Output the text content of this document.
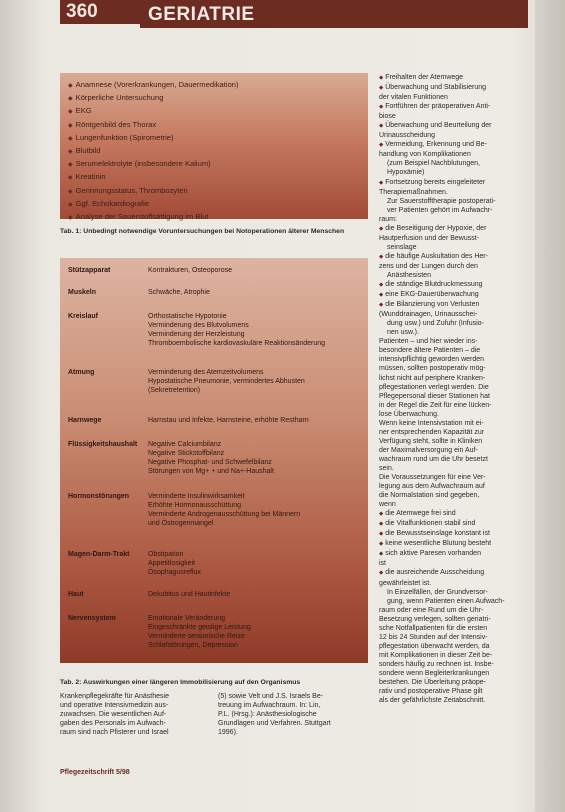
360	GERIATRIE
◆ Anamnese (Vorerkrankungen, Dauermedikation)
◆ Körperliche Untersuchung
◆ EKG
◆ Röntgenbild des Thorax
◆ Lungenfunktion (Spirometrie)
◆ Blutbild
◆ Serumelektrolyte (insbesondere Kalium)
◆ Kreatinin
◆ Gerinnungsstatus, Thrombozyten
◆ Ggf. Echokardiografie
◆ Analyse der Sauerstoffsättigung im Blut
Tab. 1: Unbedingt notwendige Voruntersuchungen bei Notoperationen älterer Menschen
Stützapparat	Kontrakturen, Osteoporose
Muskeln	Schwäche, Atrophie
Kreislauf	Orthostatische Hypotonie
Verminderung des Blutvolumens
Verminderung der Herzleistung
Thromboembolische kardiovaskuläre Reaktionsänderung
Atmung	Verminderung des Atemzeitvolumens
Hypostatische Pneumonie, vermindertes Abhusten
(Sekretretention)
Harnwege	Harnstau und Infekte, Harnsteine, erhöhte Restharn
Flüssigkeitshaushalt	Negative Calciumbilanz
Negative Stickstoffbilanz
Negative Phosphat- und Schwefelbilanz
Störungen von Mg+ + und Na+-Haushalt
Hormonstörungen	Verminderte Insulinwirksamkeit
Erhöhte Hormonausschüttung
Verminderte Androgenausschüttung bei Männern
und Östrogenmangel
Magen-Darm-Trakt	Obstipation
Appetitlosigkeit
Ösophagusreflux
Haut	Dekubitus und Hautinfekte
Nervensystem	Emotionale Veränderung
Eingeschränkte geistige Leistung
Verminderte sensorische Reize
Schlafstörungen, Depression
Tab. 2: Auswirkungen einer längeren Immobilisierung auf den Organismus
◆ Freihalten der Atemwege
◆ Überwachung und Stabilisierung
der vitalen Funktionen
◆ Fortführen der präoperativen Anti-
biose
◆ Überwachung und Beurteilung der
Urinausscheidung
◆ Vermeidung, Erkennung und Be-
handlung von Komplikationen
(zum Beispiel Nachblutungen,
Hypoxämie)
◆ Fortsetzung bereits eingeleiteter
Therapiemaßnahmen.
Zur Sauerstofftherapie postoperati-
ver Patienten gehört im Aufwachr-
raum:
◆ die Beseitigung der Hypoxie, der
Hautperfusion und der Bewusst-
seinslage
◆ die häufige Auskultation des Her-
zens und der Lungen durch den
Anästhesisten
◆ die ständige Blutdruckmessung
◆ eine EKG-Dauerüberwachung
◆ die Bilanzierung von Verlusten
(Wunddrainagen, Urinausschei-
dung usw.) und Zufuhr (Infusio-
nen usw.).
Patienten – und hier wieder ins-
besondere ältere Patienten – die
intensivpflichtig geworden werden
müssen, sollten postoperativ mög-
lichst nicht auf periphere Kranken-
pflegestationen verlegt werden. Die
Pflegepersonal dieser Stationen hat
in der Regel die Zeit für eine lücken-
lose Überwachung.
Wenn keine Intensivstation mit ei-
ner entsprechenden Kapazität zur
Verfügung steht, sollte in Kliniken
der Maximalversorgung ein Auf-
wachraum rund um die Uhr besetzt
sein.
Die Voraussetzungen für eine Ver-
legung aus dem Aufwachraum auf
die Normalstation sind gegeben,
wenn
◆ die Atemwege frei sind
◆ die Vitalfunktionen stabil sind
◆ die Bewusstseinslage konstant ist
◆ keine wesentliche Blutung besteht
◆ sich aktive Paresen vorhanden
ist
◆ die ausreichende Ausscheidung
gewährleistet ist.
In Einzelfällen, der Grundversor-
gung, wenn Patienten einen Aufwach-
raum oder eine Rund um die Uhr-
Besetzung verlegen, sollten geriatri-
sche Notfallpatienten für die ersten
12 bis 24 Stunden auf der Intensiv-
pflegestation überwacht werden, da
mit Komplikationen in dieser Zeit be-
sonders häufig zu rechnen ist. Insbe-
sondere wenn Begleiterkrankungen
bestehen. Die Überleitung präope-
rativ und postoperative Phase gilt
als der gefährlichste Zeitabschnitt.
Krankenpflegekräfte für Anästhesie
und operative Intensivmedizin aus-
zuwachsen. Die wesentlichen Auf-
gaben des Personals im Aufwach-
raum sind nach Pfisterer und Israel
(5) sowie Velt und J.S. Israels Be-
treuung im Aufwachraum. In: Lin,
P.L. (Hrsg.): Anästhesiologische
Grundlagen und Verfahren. Stuttgart
1996).
Pflegezeitschrift 5/98
